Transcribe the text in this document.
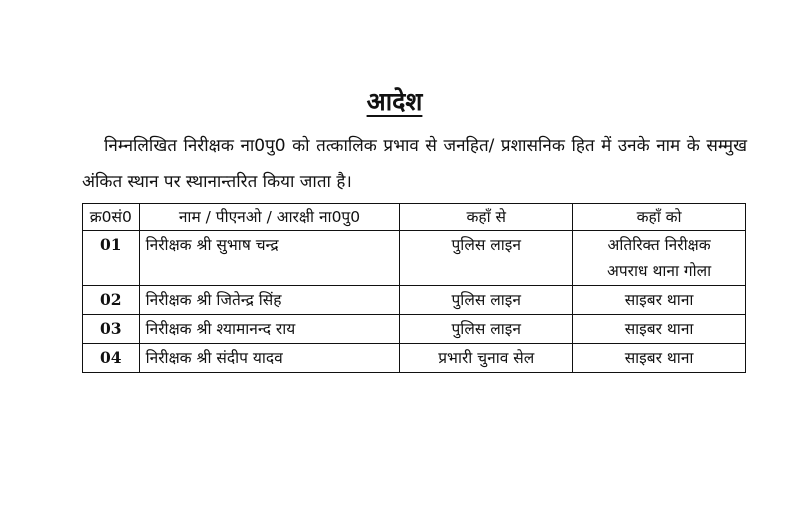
आदेश
निम्नलिखित निरीक्षक ना0पु0 को तत्कालिक प्रभाव से जनहित/ प्रशासनिक हित में उनके नाम के सम्मुख अंकित स्थान पर स्थानान्तरित किया जाता है।
क्र0सं0	नाम / पीएनओ / आरक्षी ना0पु0	कहाँ से	कहाँ को
01	निरीक्षक श्री सुभाष चन्द्र	पुलिस लाइन	अतिरिक्त निरीक्षक
अपराध थाना गोला

02	निरीक्षक श्री जितेन्द्र सिंह	पुलिस लाइन	साइबर थाना
03	निरीक्षक श्री श्यामानन्द राय	पुलिस लाइन	साइबर थाना
04	निरीक्षक श्री संदीप यादव	प्रभारी चुनाव सेल	साइबर थाना
